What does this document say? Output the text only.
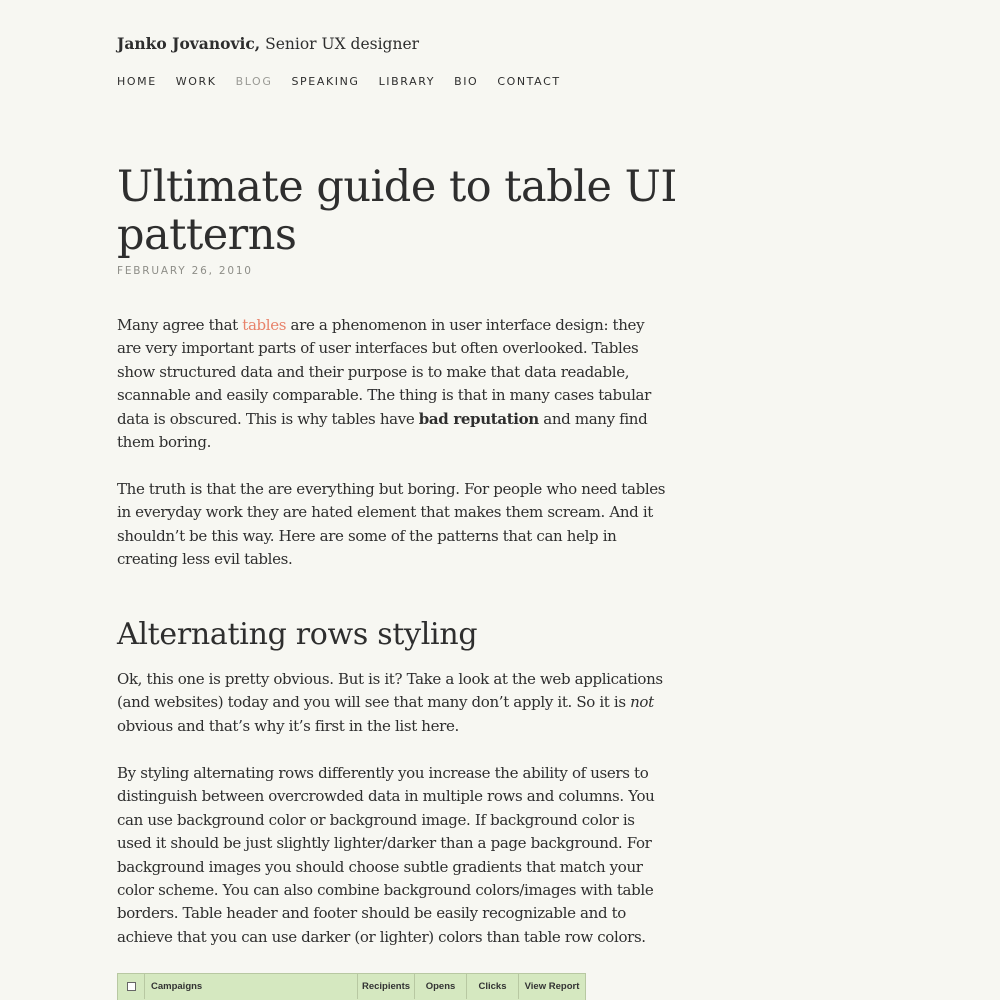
Janko Jovanovic, Senior UX designer
HOME WORK BLOG SPEAKING LIBRARY BIO CONTACT
Ultimate guide to table UI patterns
FEBRUARY 26, 2010

Many agree that tables are a phenomenon in user interface design: they are very important parts of user interfaces but often overlooked. Tables show structured data and their purpose is to make that data readable, scannable and easily comparable. The thing is that in many cases tabular data is obscured. This is why tables have bad reputation and many find them boring.

The truth is that the are everything but boring. For people who need tables in everyday work they are hated element that makes them scream. And it shouldn’t be this way. Here are some of the patterns that can help in creating less evil tables.

Alternating rows styling

Ok, this one is pretty obvious. But is it? Take a look at the web applications (and websites) today and you will see that many don’t apply it. So it is not obvious and that’s why it’s first in the list here.

By styling alternating rows differently you increase the ability of users to distinguish between overcrowded data in multiple rows and columns. You can use background color or background image. If background color is used it should be just slightly lighter/darker than a page background. For background images you should choose subtle gradients that match your color scheme. You can also combine background colors/images with table borders. Table header and footer should be easily recognizable and to achieve that you can use darker (or lighter) colors than table row colors.

Campaigns	Recipients	Opens	Clicks	View Report
